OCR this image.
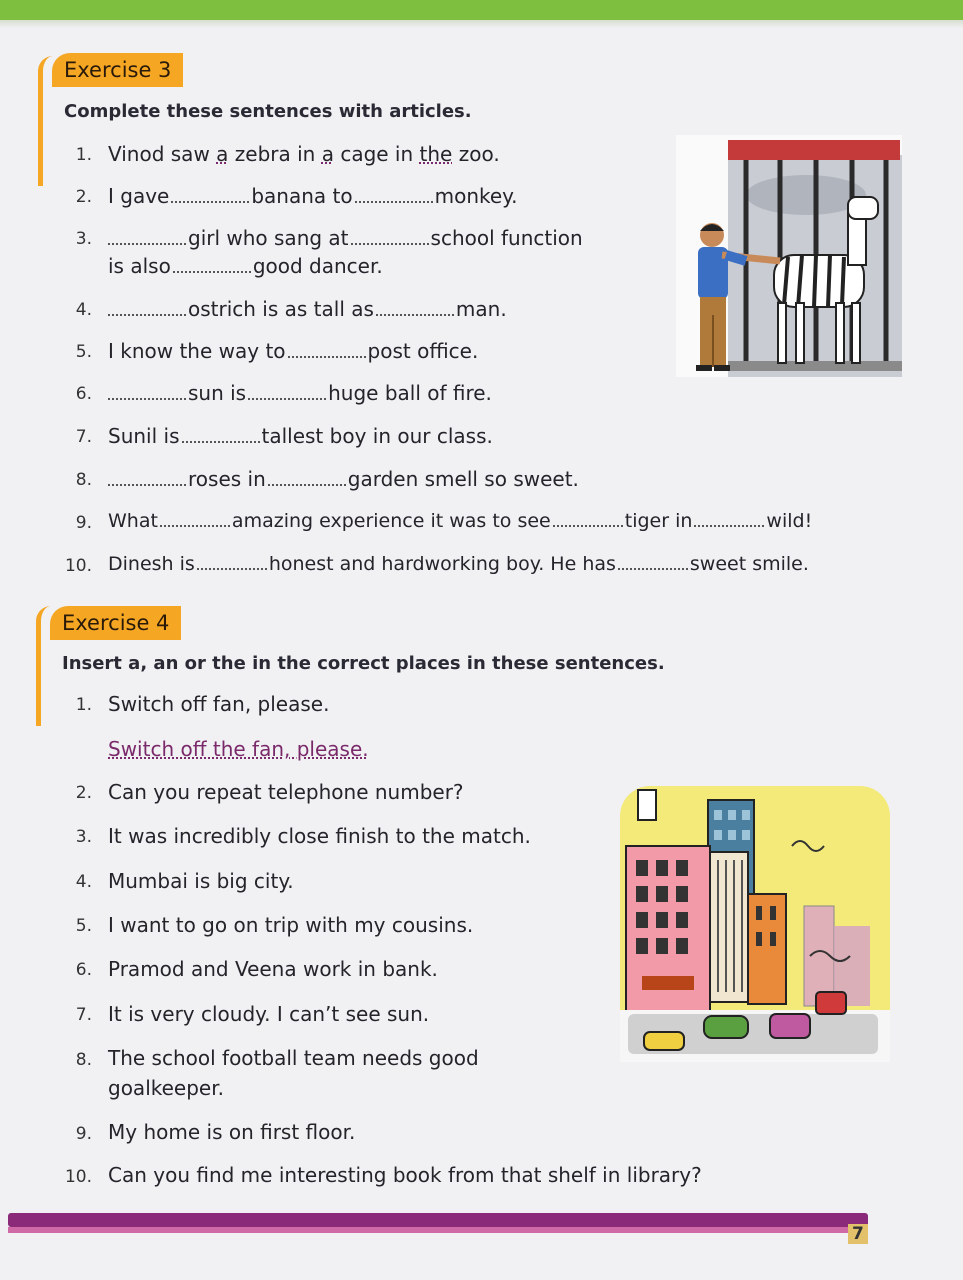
Exercise 3
Complete these sentences with articles.
1. Vinod saw a zebra in a cage in the zoo.
2. I gave	banana to	monkey.
3.	girl who sang at	school function
is also	good dancer.
4.	ostrich is as tall as	man.
5. I know the way to	post office.
6.	sun is	huge ball of fire.
7. Sunil is	tallest boy in our class.
8.	roses in	garden smell so sweet.
9. What	amazing experience it was to see	tiger in	wild!
10. Dinesh is	honest and hardworking boy. He has	sweet smile.
Exercise 4
Insert a, an or the in the correct places in these sentences.
1. Switch off fan, please.
Switch off the fan, please.
2. Can you repeat telephone number?
3. It was incredibly close finish to the match.
4. Mumbai is big city.
5. I want to go on trip with my cousins.
6. Pramod and Veena work in bank.
7. It is very cloudy. I can’t see sun.
8. The school football team needs good
goalkeeper.
9. My home is on first floor.
10. Can you find me interesting book from that shelf in library?
7
